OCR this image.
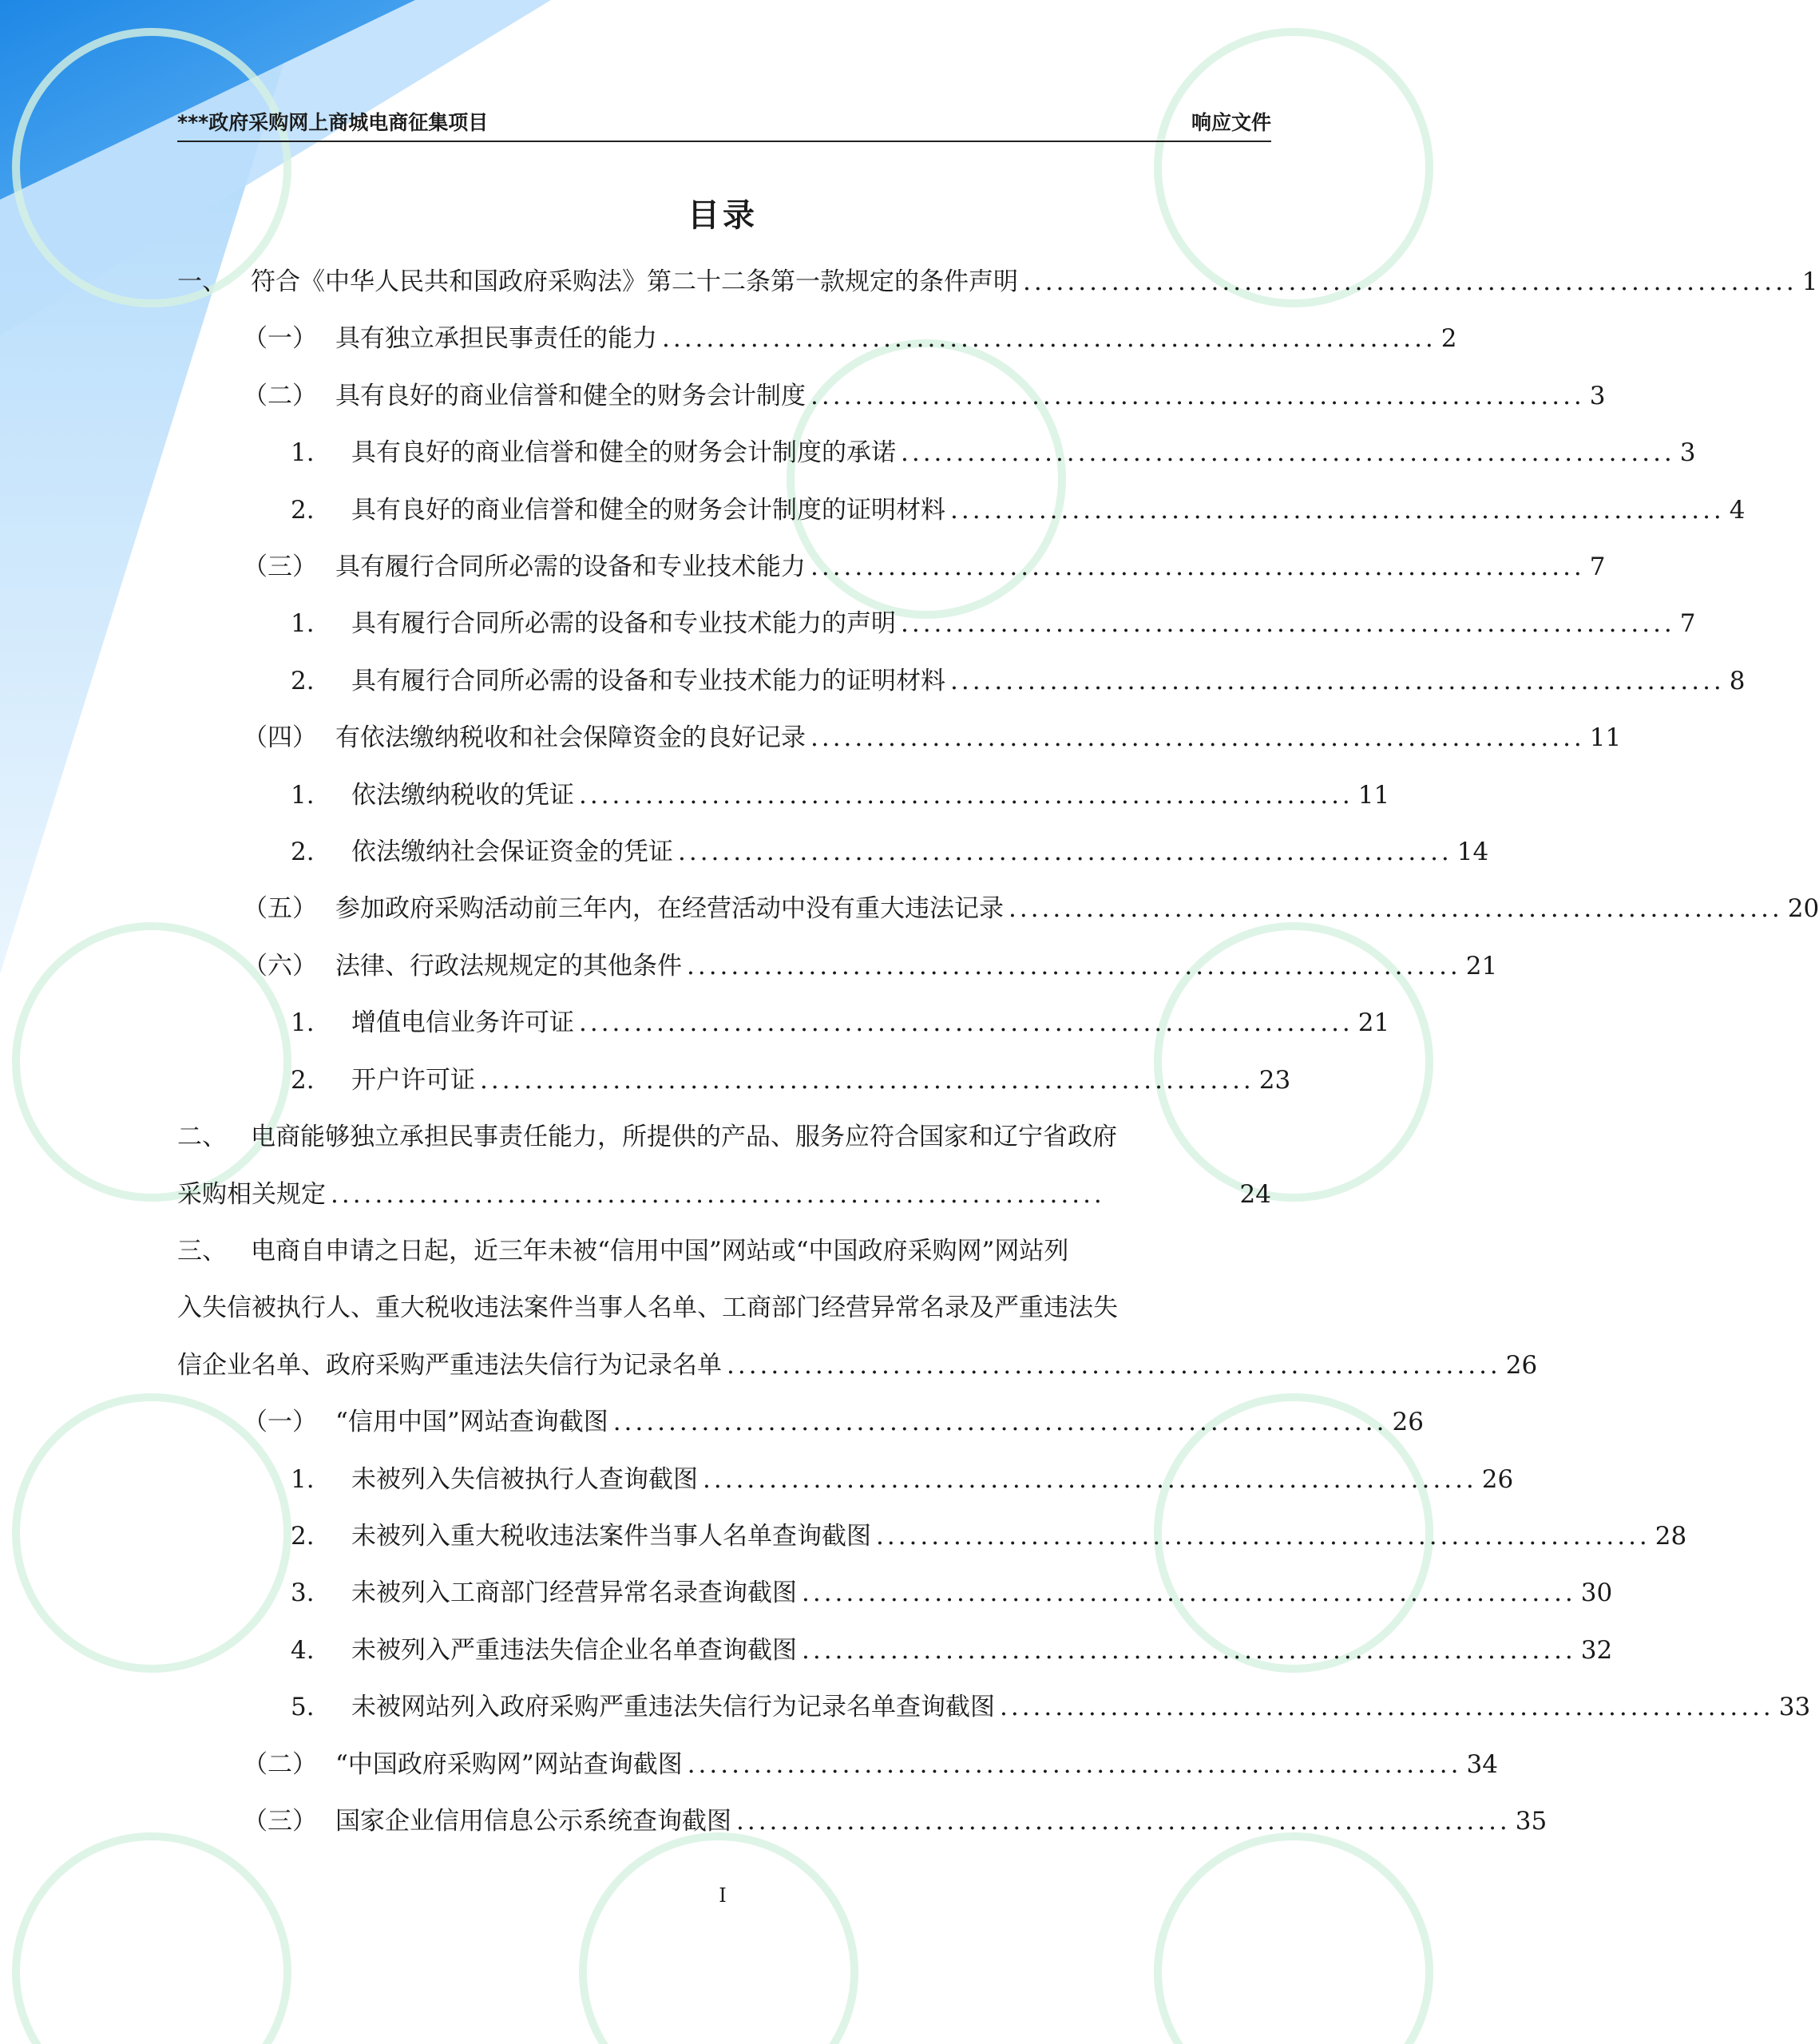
***政府采购网上商城电商征集项目	响应文件
目录
一、 符合《中华人民共和国政府采购法》第二十二条第一款规定的条件声明 ...................................................................... 1
（一） 具有独立承担民事责任的能力 ...................................................................... 2
（二） 具有良好的商业信誉和健全的财务会计制度 ...................................................................... 3
1.	具有良好的商业信誉和健全的财务会计制度的承诺 ...................................................................... 3
2.	具有良好的商业信誉和健全的财务会计制度的证明材料 ...................................................................... 4
（三） 具有履行合同所必需的设备和专业技术能力 ...................................................................... 7
1.	具有履行合同所必需的设备和专业技术能力的声明 ...................................................................... 7
2.	具有履行合同所必需的设备和专业技术能力的证明材料 ...................................................................... 8
（四） 有依法缴纳税收和社会保障资金的良好记录 ...................................................................... 11
1.	依法缴纳税收的凭证 ...................................................................... 11
2.	依法缴纳社会保证资金的凭证 ...................................................................... 14
（五） 参加政府采购活动前三年内，在经营活动中没有重大违法记录 ...................................................................... 20
（六） 法律、行政法规规定的其他条件 ...................................................................... 21
1.	增值电信业务许可证 ...................................................................... 21
2.	开户许可证 ...................................................................... 23
二、 电商能够独立承担民事责任能力，所提供的产品、服务应符合国家和辽宁省政府
采购相关规定 ......................................................................	24
三、 电商自申请之日起，近三年未被“信用中国”网站或“中国政府采购网”网站列
入失信被执行人、重大税收违法案件当事人名单、工商部门经营异常名录及严重违法失
信企业名单、政府采购严重违法失信行为记录名单 ...................................................................... 26
（一） “信用中国”网站查询截图 ...................................................................... 26
1.	未被列入失信被执行人查询截图 ...................................................................... 26
2.	未被列入重大税收违法案件当事人名单查询截图 ...................................................................... 28
3.	未被列入工商部门经营异常名录查询截图 ...................................................................... 30
4.	未被列入严重违法失信企业名单查询截图 ...................................................................... 32
5.	未被网站列入政府采购严重违法失信行为记录名单查询截图 ...................................................................... 33
（二） “中国政府采购网”网站查询截图 ...................................................................... 34
（三） 国家企业信用信息公示系统查询截图 ...................................................................... 35
I
